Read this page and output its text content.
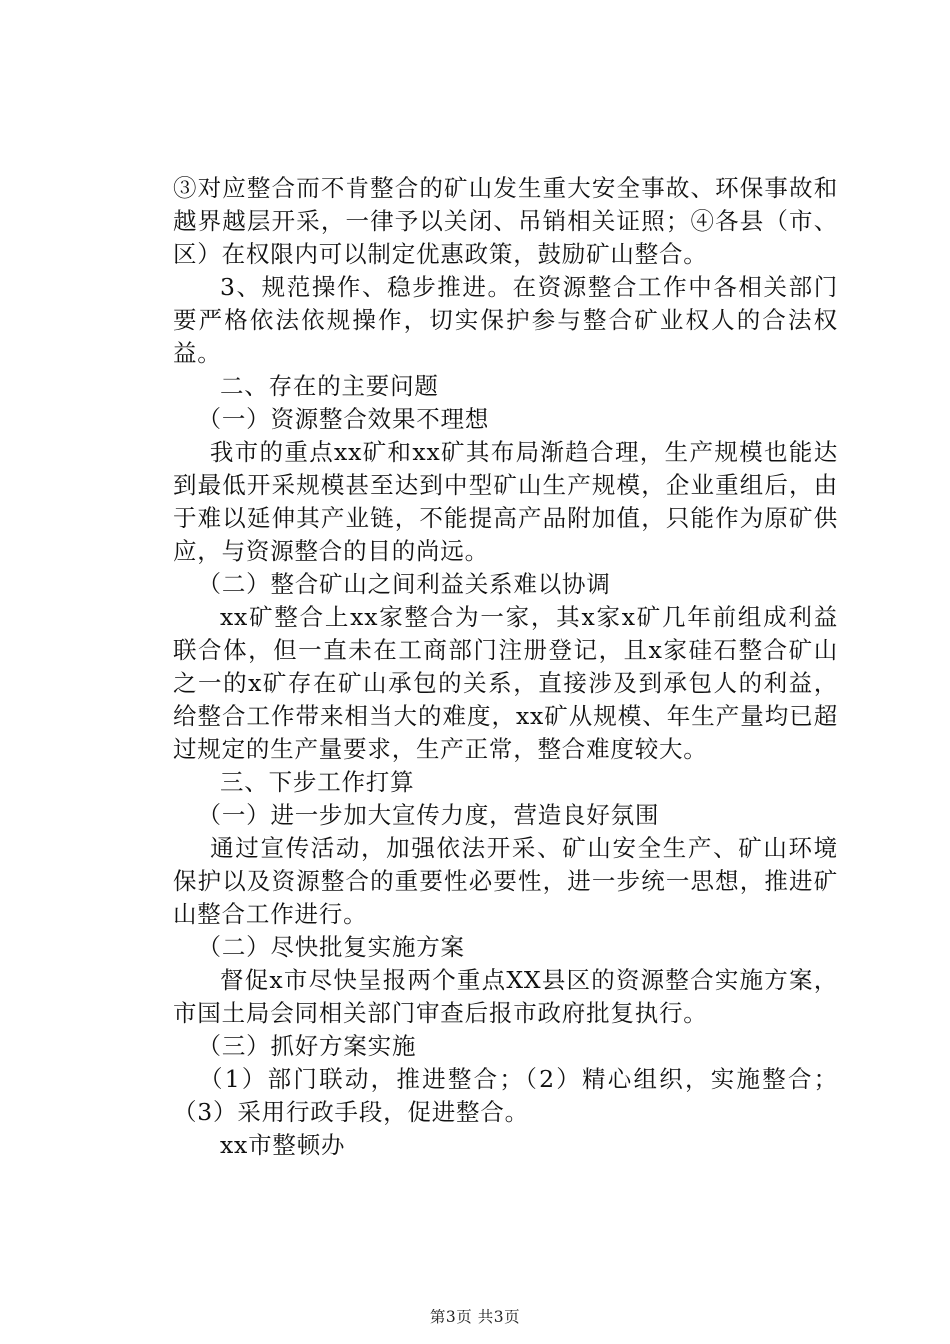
③对应整合而不肯整合的矿山发生重大安全事故、环保事故和越界越层开采，一律予以关闭、吊销相关证照；④各县（市、区）在权限内可以制定优惠政策，鼓励矿山整合。

3、规范操作、稳步推进。在资源整合工作中各相关部门要严格依法依规操作，切实保护参与整合矿业权人的合法权益。

二、存在的主要问题

　（一）资源整合效果不理想

　我市的重点xx矿和xx矿其布局渐趋合理，生产规模也能达到最低开采规模甚至达到中型矿山生产规模，企业重组后，由于难以延伸其产业链，不能提高产品附加值，只能作为原矿供应，与资源整合的目的尚远。

　（二）整合矿山之间利益关系难以协调

xx矿整合上xx家整合为一家，其x家x矿几年前组成利益联合体，但一直未在工商部门注册登记，且x家硅石整合矿山之一的x矿存在矿山承包的关系，直接涉及到承包人的利益，给整合工作带来相当大的难度，xx矿从规模、年生产量均已超过规定的生产量要求，生产正常，整合难度较大。

三、下步工作打算

　（一）进一步加大宣传力度，营造良好氛围

　通过宣传活动，加强依法开采、矿山安全生产、矿山环境保护以及资源整合的重要性必要性，进一步统一思想，推进矿山整合工作进行。

　（二）尽快批复实施方案

督促x市尽快呈报两个重点XX县区的资源整合实施方案，市国土局会同相关部门审查后报市政府批复执行。

　（三）抓好方案实施

　（1）部门联动，推进整合；（2）精心组织，实施整合；（3）采用行政手段，促进整合。

xx市整顿办

第3页 共3页
